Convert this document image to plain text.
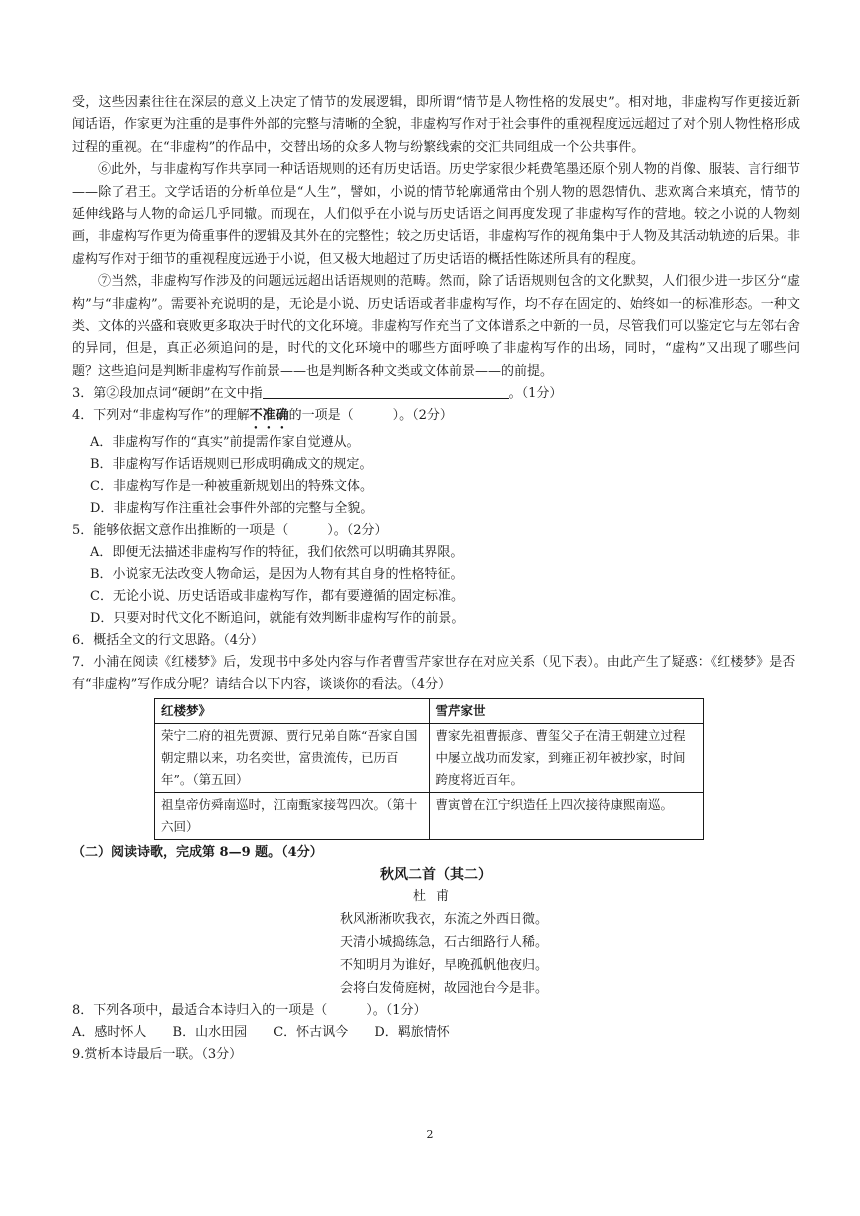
受，这些因素往往在深层的意义上决定了情节的发展逻辑，即所谓“情节是人物性格的发展史”。相对地，非虚构写作更接近新闻话语，作家更为注重的是事件外部的完整与清晰的全貌，非虚构写作对于社会事件的重视程度远远超过了对个别人物性格形成过程的重视。在“非虚构”的作品中，交替出场的众多人物与纷繁线索的交汇共同组成一个公共事件。

⑥此外，与非虚构写作共享同一种话语规则的还有历史话语。历史学家很少耗费笔墨还原个别人物的肖像、服装、言行细节——除了君王。文学话语的分析单位是“人生”，譬如，小说的情节轮廓通常由个别人物的恩怨情仇、悲欢离合来填充，情节的延伸线路与人物的命运几乎同辙。而现在，人们似乎在小说与历史话语之间再度发现了非虚构写作的营地。较之小说的人物刻画，非虚构写作更为倚重事件的逻辑及其外在的完整性；较之历史话语，非虚构写作的视角集中于人物及其活动轨迹的后果。非虚构写作对于细节的重视程度远逊于小说，但又极大地超过了历史话语的概括性陈述所具有的程度。

⑦当然，非虚构写作涉及的问题远远超出话语规则的范畴。然而，除了话语规则包含的文化默契，人们很少进一步区分“虚构”与“非虚构”。需要补充说明的是，无论是小说、历史话语或者非虚构写作，均不存在固定的、始终如一的标准形态。一种文类、文体的兴盛和衰败更多取决于时代的文化环境。非虚构写作充当了文体谱系之中新的一员，尽管我们可以鉴定它与左邻右舍的异同，但是，真正必须追问的是，时代的文化环境中的哪些方面呼唤了非虚构写作的出场，同时，“虚构”又出现了哪些问题？这些追问是判断非虚构写作前景——也是判断各种文类或文体前景——的前提。

3．第②段加点词“硬朗”在文中指	。（1分）

4．下列对“非虚构写作”的理解不准确的一项是（　　　）。（2分）

A．非虚构写作的“真实”前提需作家自觉遵从。

B．非虚构写作话语规则已形成明确成文的规定。

C．非虚构写作是一种被重新规划出的特殊文体。

D．非虚构写作注重社会事件外部的完整与全貌。

5．能够依据文意作出推断的一项是（　　　）。（2分）

A．即便无法描述非虚构写作的特征，我们依然可以明确其界限。

B．小说家无法改变人物命运，是因为人物有其自身的性格特征。

C．无论小说、历史话语或非虚构写作，都有要遵循的固定标准。

D．只要对时代文化不断追问，就能有效判断非虚构写作的前景。

6．概括全文的行文思路。（4分）

7．小浦在阅读《红楼梦》后，发现书中多处内容与作者曹雪芹家世存在对应关系（见下表）。由此产生了疑惑：《红楼梦》是否有“非虚构”写作成分呢？请结合以下内容，谈谈你的看法。（4分）

红楼梦》	雪芹家世
荣宁二府的祖先贾源、贾行兄弟自陈“吾家自国朝定鼎以来，功名奕世，富贵流传，已历百年”。（第五回）	曹家先祖曹振彦、曹玺父子在清王朝建立过程中屡立战功而发家，到雍正初年被抄家，时间跨度将近百年。
祖皇帝仿舜南巡时，江南甄家接驾四次。（第十六回）	曹寅曾在江宁织造任上四次接待康熙南巡。

（二）阅读诗歌，完成第 8—9 题。（4分）

秋风二首（其二）

杜甫

秋风淅淅吹我衣，东流之外西日微。

天清小城捣练急，石古细路行人稀。

不知明月为谁好，早晚孤帆他夜归。

会将白发倚庭树，故园池台今是非。

8．下列各项中，最适合本诗归入的一项是（　　　）。（1分）

A．感时怀人 B．山水田园 C．怀古讽今 D．羁旅情怀

9.赏析本诗最后一联。（3分）

2
